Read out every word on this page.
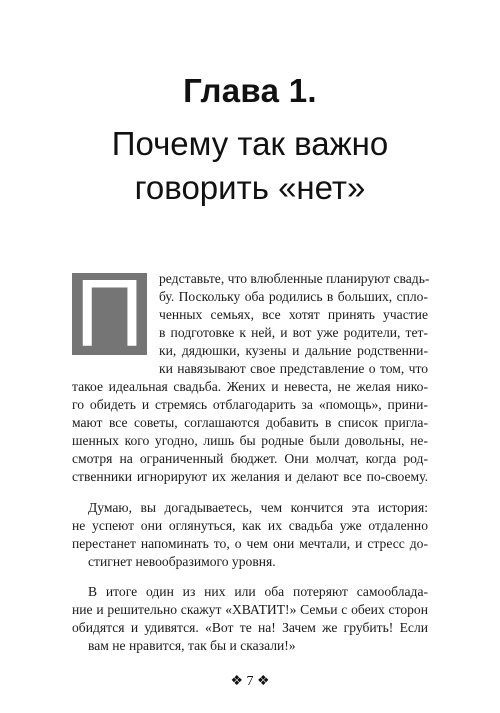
Глава 1.
Почему так важно
говорить «нет»
П редставьте, что влюбленные планируют свадь-
бу. Поскольку оба родились в больших, спло-
ченных семьях, все хотят принять участие
в подготовке к ней, и вот уже родители, тет-
ки, дядюшки, кузены и дальние родственни-
ки навязывают свое представление о том, что
такое идеальная свадьба. Жених и невеста, не желая нико-
го обидеть и стремясь отблагодарить за «помощь», прини-
мают все советы, соглашаются добавить в список пригла-
шенных кого угодно, лишь бы родные были довольны, не-
смотря на ограниченный бюджет. Они молчат, когда род-
ственники игнорируют их желания и делают все по-своему.
Думаю, вы догадываетесь, чем кончится эта история:
не успеют они оглянуться, как их свадьба уже отдаленно
перестанет напоминать то, о чем они мечтали, и стресс до-
стигнет невообразимого уровня.
В итоге один из них или оба потеряют самообладa-
ние и решительно скажут «ХВАТИТ!» Семьи с обеих сторон
обидятся и удивятся. «Вот те на! Зачем же грубить! Если
вам не нравится, так бы и сказали!»
❖ 7 ❖
